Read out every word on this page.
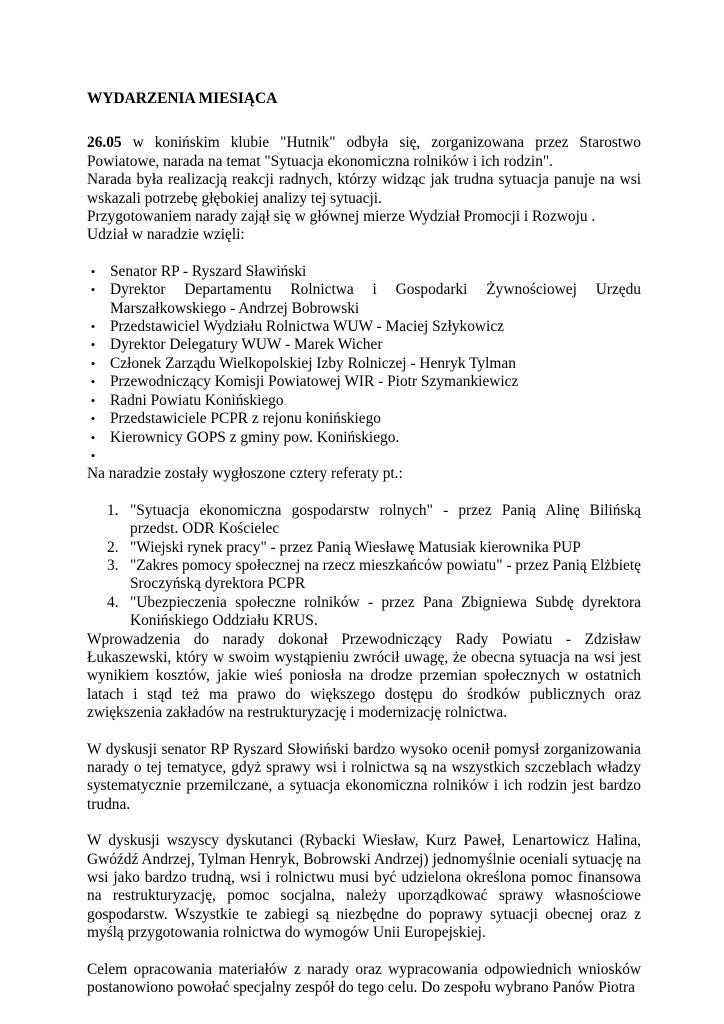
WYDARZENIA MIESIĄCA

26.05 w konińskim klubie "Hutnik" odbyła się, zorganizowana przez Starostwo Powiatowe, narada na temat "Sytuacja ekonomiczna rolników i ich rodzin".

Narada była realizacją reakcji radnych, którzy widząc jak trudna sytuacja panuje na wsi wskazali potrzebę głębokiej analizy tej sytuacji.

Przygotowaniem narady zajął się w głównej mierze Wydział Promocji i Rozwoju .

Udział w naradzie wzięli:

• Senator RP - Ryszard Sławiński
• Dyrektor Departamentu Rolnictwa i Gospodarki Żywnościowej Urzędu Marszałkowskiego - Andrzej Bobrowski
• Przedstawiciel Wydziału Rolnictwa WUW - Maciej Szłykowicz
• Dyrektor Delegatury WUW - Marek Wicher
• Członek Zarządu Wielkopolskiej Izby Rolniczej - Henryk Tylman
• Przewodniczący Komisji Powiatowej WIR - Piotr Szymankiewicz
• Radni Powiatu Konińskiego
• Przedstawiciele PCPR z rejonu konińskiego
• Kierownicy GOPS z gminy pow. Konińskiego.
•

Na naradzie zostały wygłoszone cztery referaty pt.:

1. "Sytuacja ekonomiczna gospodarstw rolnych" - przez Panią Alinę Bilińską przedst. ODR Kościelec
2. "Wiejski rynek pracy" - przez Panią Wiesławę Matusiak kierownika PUP
3. "Zakres pomocy społecznej na rzecz mieszkańców powiatu" - przez Panią Elżbietę Sroczyńską dyrektora PCPR
4. "Ubezpieczenia społeczne rolników - przez Pana Zbigniewa Subdę dyrektora Konińskiego Oddziału KRUS.

Wprowadzenia do narady dokonał Przewodniczący Rady Powiatu - Zdzisław Łukaszewski, który w swoim wystąpieniu zwrócił uwagę, że obecna sytuacja na wsi jest wynikiem kosztów, jakie wieś poniosła na drodze przemian społecznych w ostatnich latach i stąd też ma prawo do większego dostępu do środków publicznych oraz zwiększenia zakładów na restrukturyzację i modernizację rolnictwa.

W dyskusji senator RP Ryszard Słowiński bardzo wysoko ocenił pomysł zorganizowania narady o tej tematyce, gdyż sprawy wsi i rolnictwa są na wszystkich szczeblach władzy systematycznie przemilczane, a sytuacja ekonomiczna rolników i ich rodzin jest bardzo trudna.

W dyskusji wszyscy dyskutanci (Rybacki Wiesław, Kurz Paweł, Lenartowicz Halina, Gwóźdź Andrzej, Tylman Henryk, Bobrowski Andrzej) jednomyślnie oceniali sytuację na wsi jako bardzo trudną, wsi i rolnictwu musi być udzielona określona pomoc finansowa na restrukturyzację, pomoc socjalna, należy uporządkować sprawy własnościowe gospodarstw. Wszystkie te zabiegi są niezbędne do poprawy sytuacji obecnej oraz z myślą przygotowania rolnictwa do wymogów Unii Europejskiej.

Celem opracowania materiałów z narady oraz wypracowania odpowiednich wniosków postanowiono powołać specjalny zespół do tego celu. Do zespołu wybrano Panów Piotra
